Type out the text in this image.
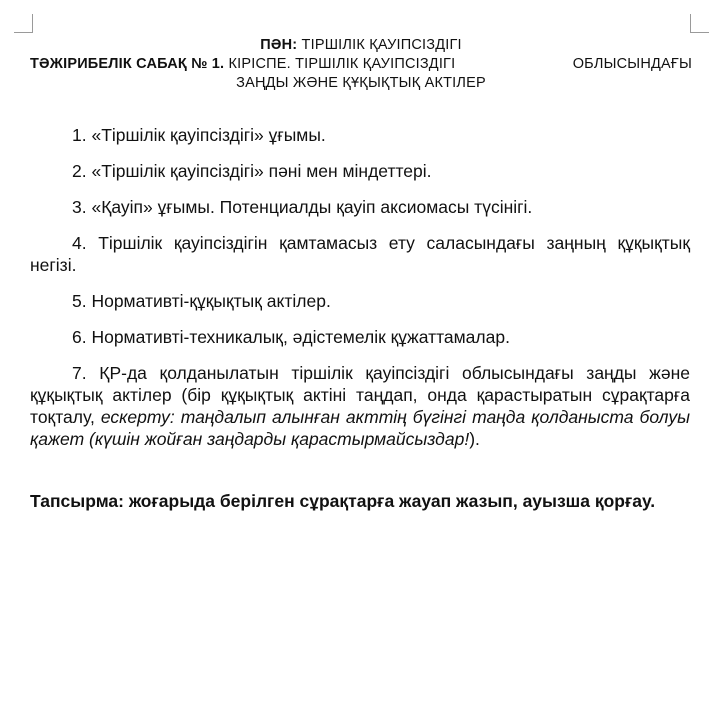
ПӘН: ТІРШІЛІК ҚАУІПСІЗДІГІ
ТӘЖІРИБЕЛІК САБАҚ № 1. КІРІСПЕ. ТІРШІЛІК ҚАУІПСІЗДІГІ	ОБЛЫСЫНДАҒЫ
ЗАҢДЫ ЖӘНЕ ҚҰҚЫҚТЫҚ АКТІЛЕР
1. «Тіршілік қауіпсіздігі» ұғымы.
2. «Тіршілік қауіпсіздігі» пәні мен міндеттері.
3. «Қауіп» ұғымы. Потенциалды қауіп аксиомасы түсінігі.
4. Тіршілік қауіпсіздігін қамтамасыз ету саласындағы заңның құқықтық негізі.
5. Нормативті-құқықтық актілер.
6. Нормативті-техникалық, әдістемелік құжаттамалар.
7. ҚР-да қолданылатын тіршілік қауіпсіздігі облысындағы заңды және құқықтық актілер (бір құқықтық актіні таңдап, онда қарастыратын сұрақтарға тоқталу, ескерту: таңдалып алынған акттің бүгінгі таңда қолданыста болуы қажет (күшін жойған заңдарды қарастырмайсыздар!).
Тапсырма: жоғарыда берілген сұрақтарға жауап жазып, ауызша қорғау.
